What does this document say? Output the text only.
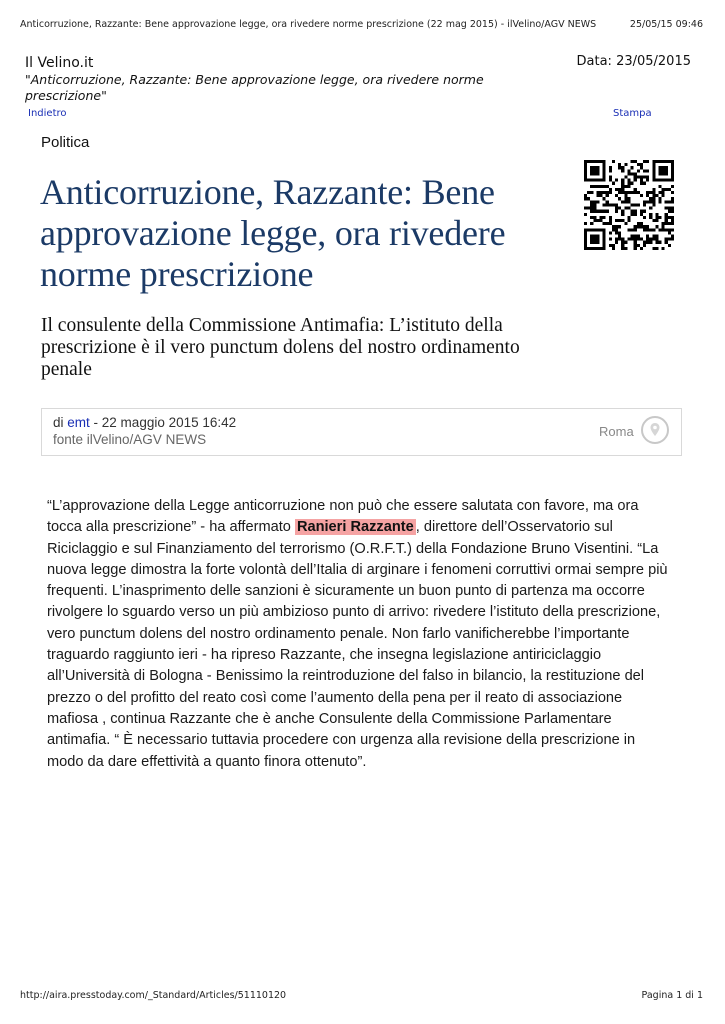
Anticorruzione, Razzante: Bene approvazione legge, ora rivedere norme prescrizione (22 mag 2015) - ilVelino/AGV NEWS	25/05/15 09:46
Il Velino.it
"Anticorruzione, Razzante: Bene approvazione legge, ora rivedere norme prescrizione"
Data: 23/05/2015
Indietro	Stampa
Politica
Anticorruzione, Razzante: Bene approvazione legge, ora rivedere norme prescrizione
Il consulente della Commissione Antimafia: L’istituto della prescrizione è il vero punctum dolens del nostro ordinamento penale
di emt - 22 maggio 2015 16:42
fonte ilVelino/AGV NEWS
Roma
“L’approvazione della Legge anticorruzione non può che essere salutata con favore, ma ora tocca alla prescrizione” - ha affermato Ranieri Razzante , direttore dell’Osservatorio sul Riciclaggio e sul Finanziamento del terrorismo (O.R.F.T.) della Fondazione Bruno Visentini. “La nuova legge dimostra la forte volontà dell’Italia di arginare i fenomeni corruttivi ormai sempre più frequenti. L’inasprimento delle sanzioni è sicuramente un buon punto di partenza ma occorre rivolgere lo sguardo verso un più ambizioso punto di arrivo: rivedere l’istituto della prescrizione, vero punctum dolens del nostro ordinamento penale. Non farlo vanificherebbe l’importante traguardo raggiunto ieri - ha ripreso Razzante, che insegna legislazione antiriciclaggio all’Università di Bologna - Benissimo la reintroduzione del falso in bilancio, la restituzione del prezzo o del profitto del reato così come l’aumento della pena per il reato di associazione mafiosa , continua Razzante che è anche Consulente della Commissione Parlamentare antimafia. “ È necessario tuttavia procedere con urgenza alla revisione della prescrizione in modo da dare effettività a quanto finora ottenuto”.
http://aira.presstoday.com/_Standard/Articles/51110120	Pagina 1 di 1
